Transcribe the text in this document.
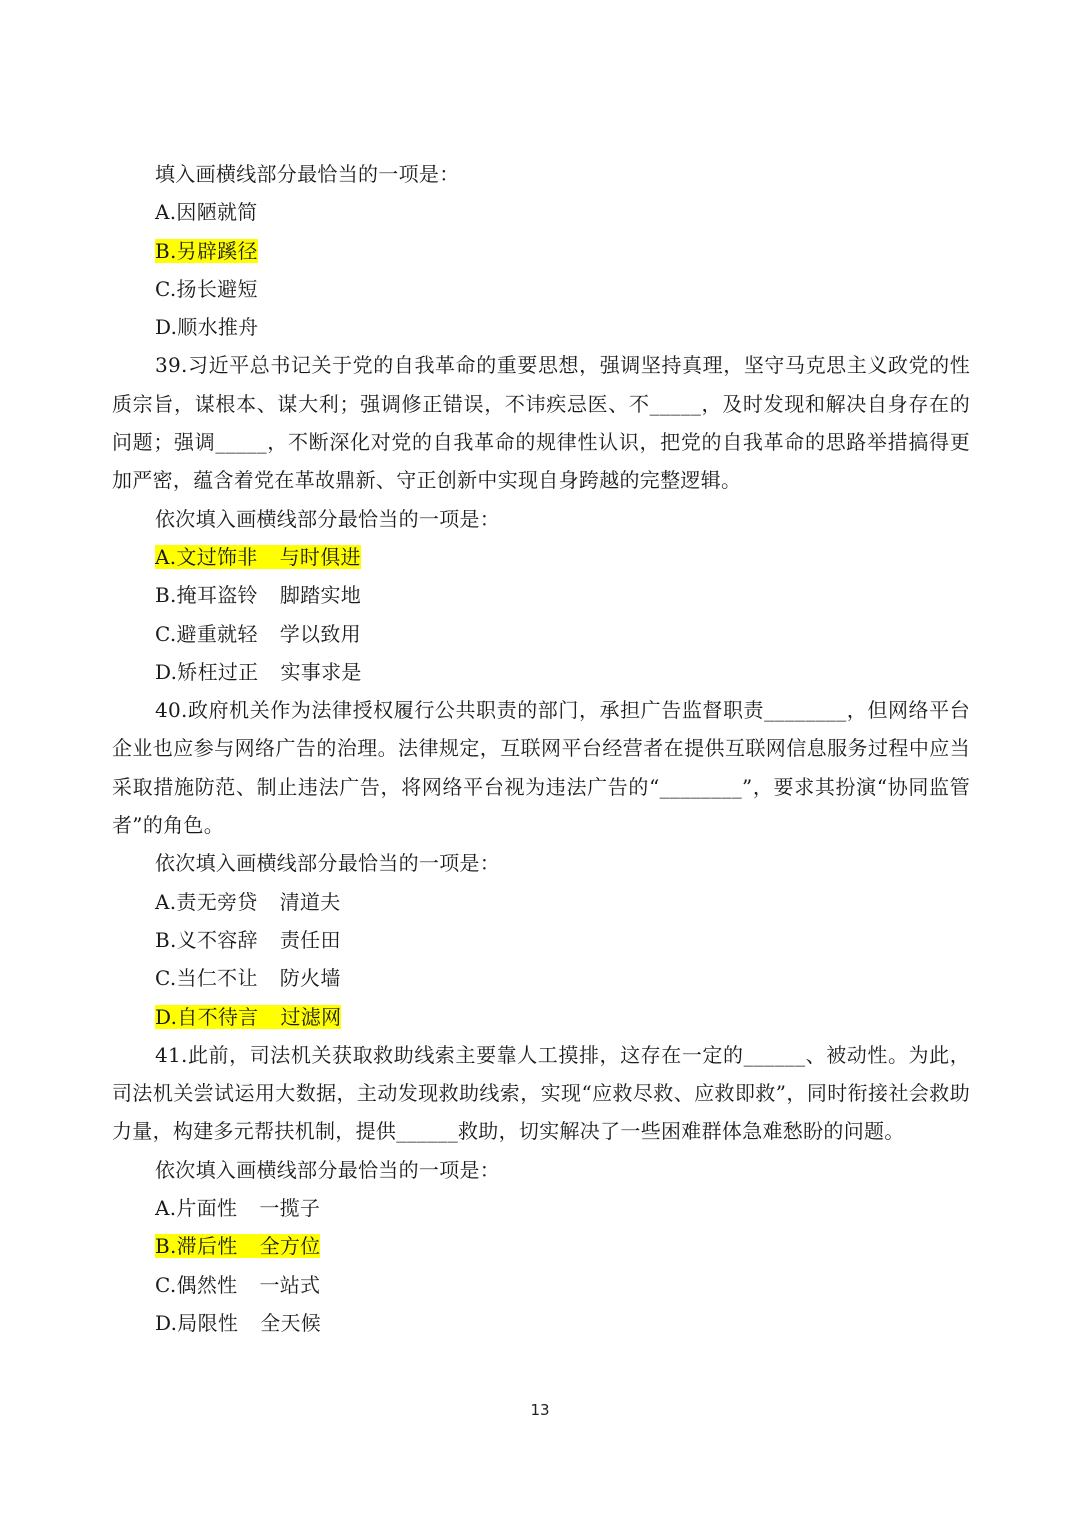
填入画横线部分最恰当的一项是：
A.因陋就简
B.另辟蹊径
C.扬长避短
D.顺水推舟
39.习近平总书记关于党的自我革命的重要思想，强调坚持真理，坚守马克思主义政党的性质宗旨，谋根本、谋大利；强调修正错误，不讳疾忌医、不_____，及时发现和解决自身存在的问题；强调_____，不断深化对党的自我革命的规律性认识，把党的自我革命的思路举措搞得更加严密，蕴含着党在革故鼎新、守正创新中实现自身跨越的完整逻辑。
依次填入画横线部分最恰当的一项是：
A.文过饰非 与时俱进
B.掩耳盗铃 脚踏实地
C.避重就轻 学以致用
D.矫枉过正 实事求是
40.政府机关作为法律授权履行公共职责的部门，承担广告监督职责________，但网络平台企业也应参与网络广告的治理。法律规定，互联网平台经营者在提供互联网信息服务过程中应当采取措施防范、制止违法广告，将网络平台视为违法广告的“________”，要求其扮演“协同监管者”的角色。
依次填入画横线部分最恰当的一项是：
A.责无旁贷 清道夫
B.义不容辞 责任田
C.当仁不让 防火墙
D.自不待言 过滤网
41.此前，司法机关获取救助线索主要靠人工摸排，这存在一定的______、被动性。为此，司法机关尝试运用大数据，主动发现救助线索，实现“应救尽救、应救即救”，同时衔接社会救助力量，构建多元帮扶机制，提供______救助，切实解决了一些困难群体急难愁盼的问题。
依次填入画横线部分最恰当的一项是：
A.片面性 一揽子
B.滞后性 全方位
C.偶然性 一站式
D.局限性 全天候
13
